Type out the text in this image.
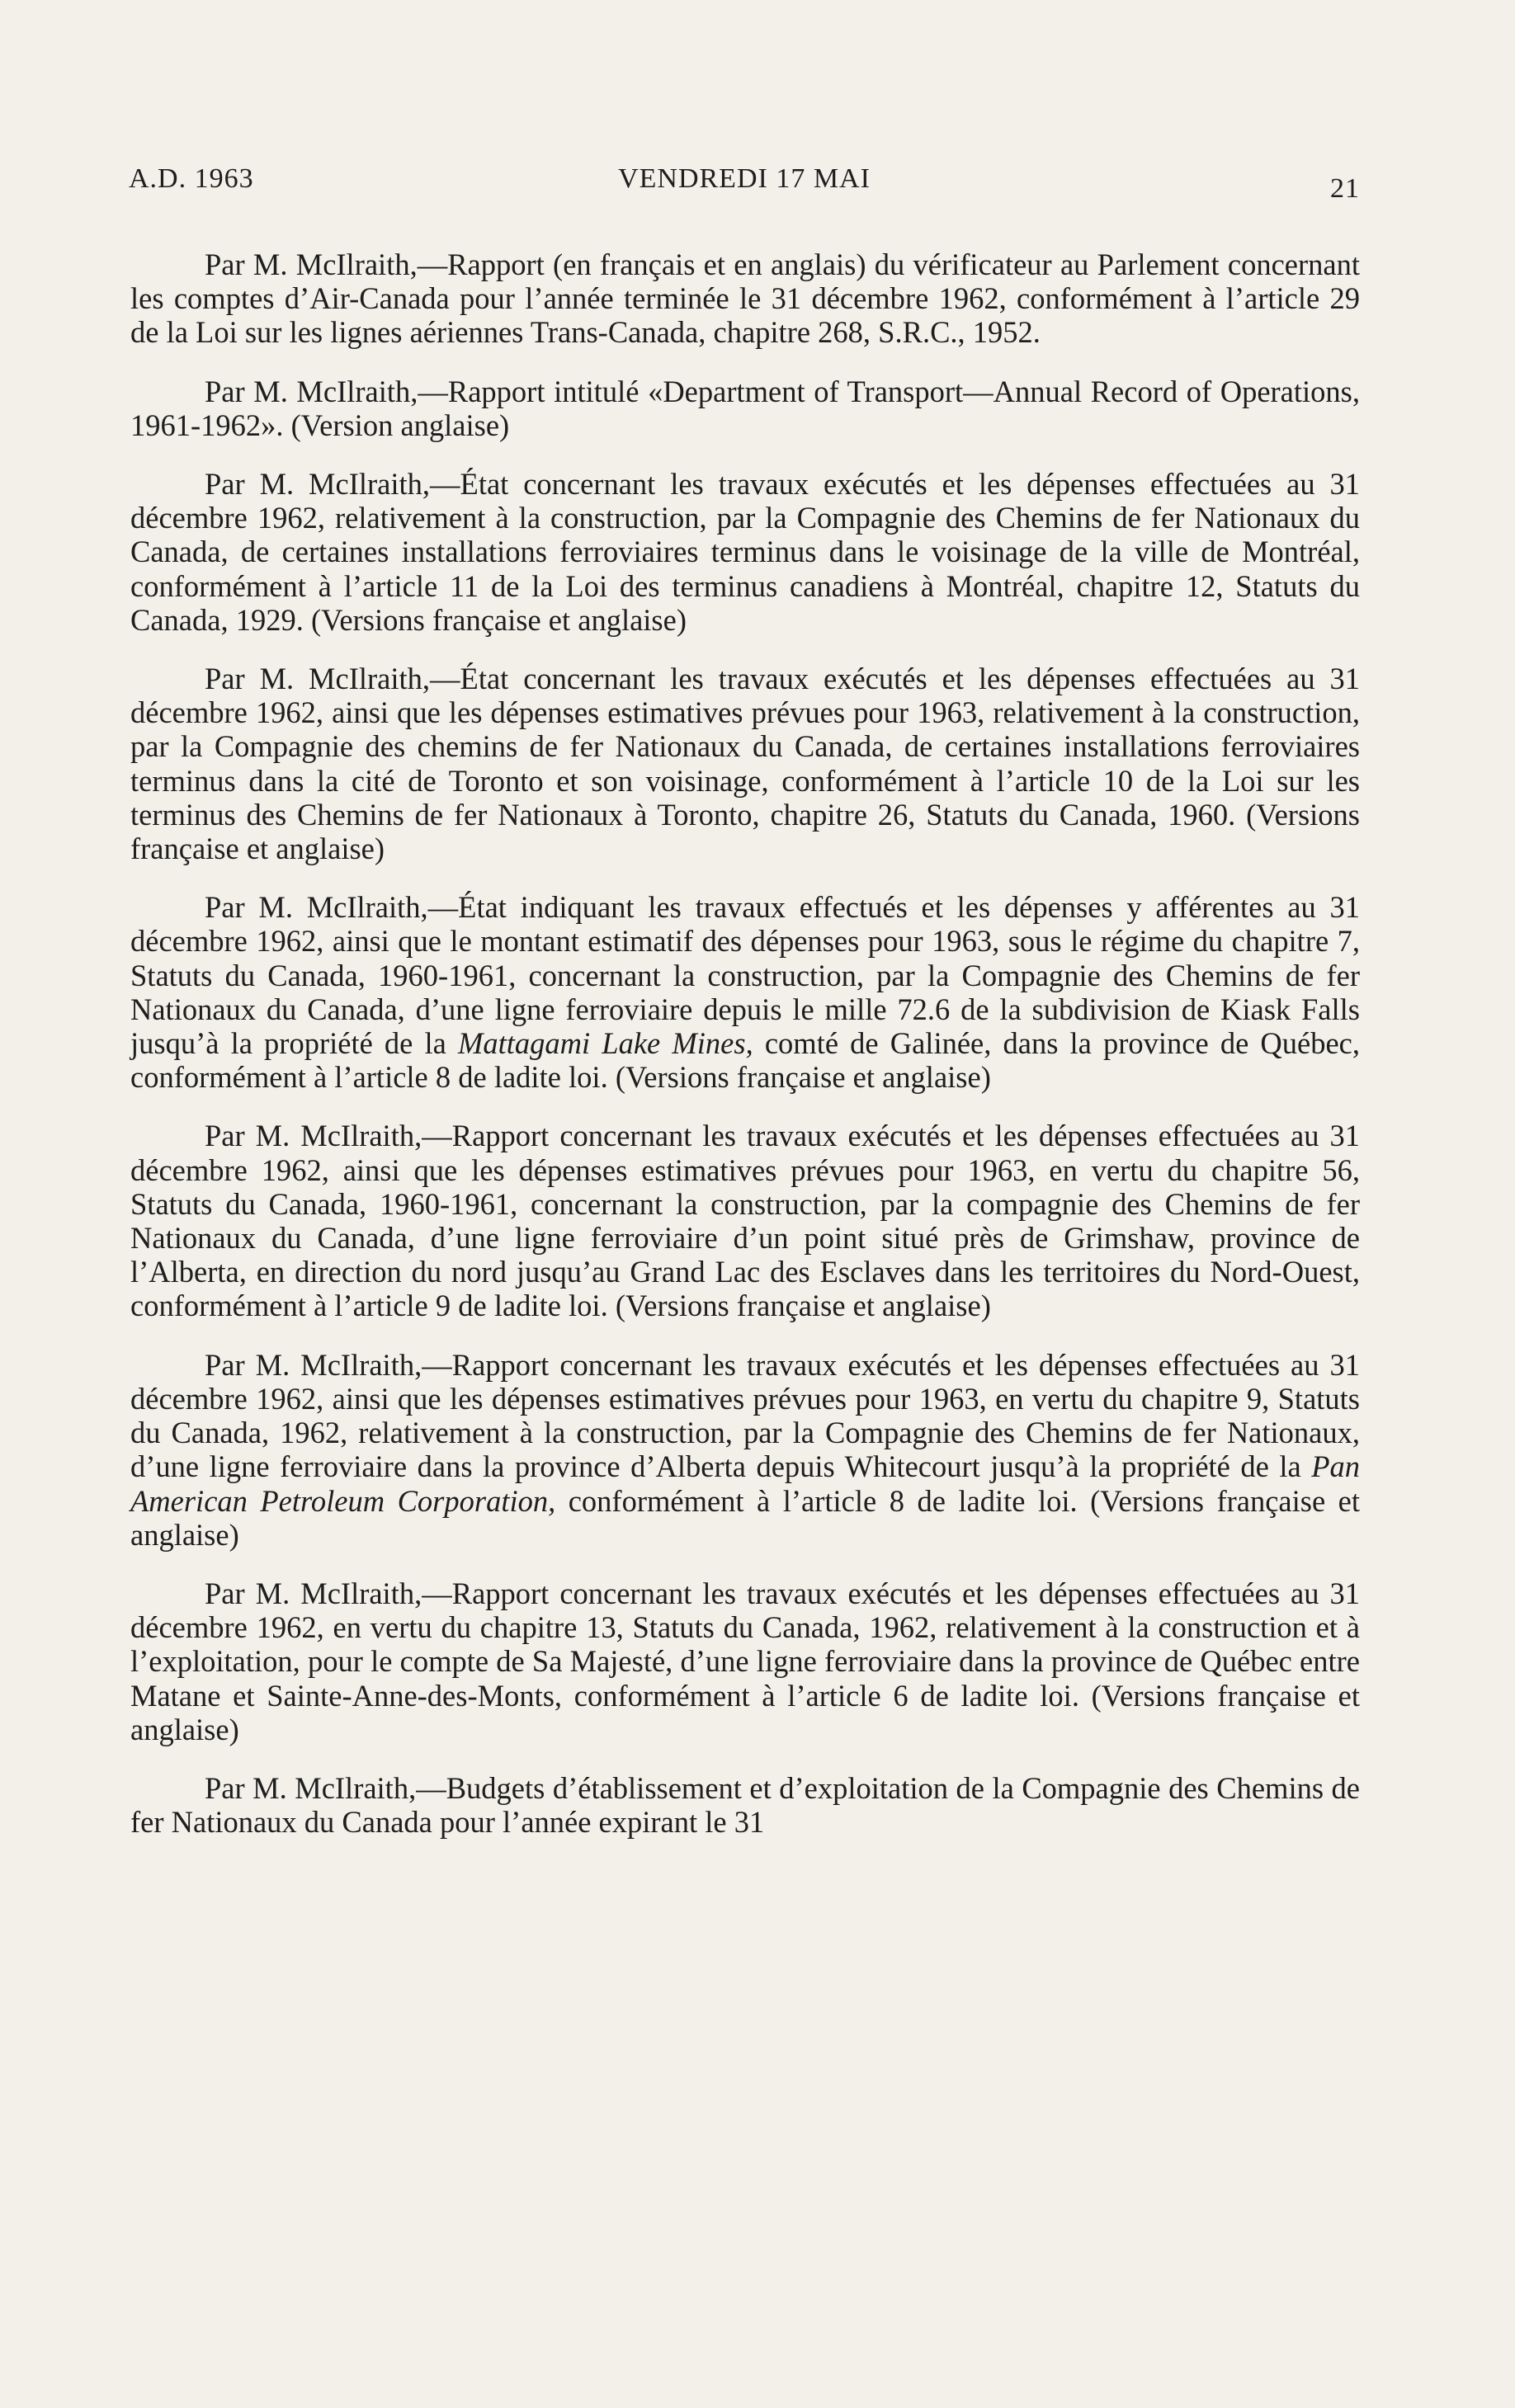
A.D. 1963	VENDREDI 17 MAI	21

Par M. McIlraith,—Rapport (en français et en anglais) du vérificateur au Parlement concernant les comptes d’Air-Canada pour l’année terminée le 31 décembre 1962, conformément à l’article 29 de la Loi sur les lignes aériennes Trans-Canada, chapitre 268, S.R.C., 1952.

Par M. McIlraith,—Rapport intitulé «Department of Transport—Annual Record of Operations, 1961-1962». (Version anglaise)

Par M. McIlraith,—État concernant les travaux exécutés et les dépenses effectuées au 31 décembre 1962, relativement à la construction, par la Compagnie des Chemins de fer Nationaux du Canada, de certaines installations ferroviaires terminus dans le voisinage de la ville de Montréal, conformément à l’article 11 de la Loi des terminus canadiens à Montréal, chapitre 12, Statuts du Canada, 1929. (Versions française et anglaise)

Par M. McIlraith,—État concernant les travaux exécutés et les dépenses effectuées au 31 décembre 1962, ainsi que les dépenses estimatives prévues pour 1963, relativement à la construction, par la Compagnie des chemins de fer Nationaux du Canada, de certaines installations ferroviaires terminus dans la cité de Toronto et son voisinage, conformément à l’article 10 de la Loi sur les terminus des Chemins de fer Nationaux à Toronto, chapitre 26, Statuts du Canada, 1960. (Versions française et anglaise)

Par M. McIlraith,—État indiquant les travaux effectués et les dépenses y afférentes au 31 décembre 1962, ainsi que le montant estimatif des dépenses pour 1963, sous le régime du chapitre 7, Statuts du Canada, 1960-1961, concernant la construction, par la Compagnie des Chemins de fer Nationaux du Canada, d’une ligne ferroviaire depuis le mille 72.6 de la subdivision de Kiask Falls jusqu’à la propriété de la Mattagami Lake Mines, comté de Galinée, dans la province de Québec, conformément à l’article 8 de ladite loi. (Versions française et anglaise)

Par M. McIlraith,—Rapport concernant les travaux exécutés et les dépenses effectuées au 31 décembre 1962, ainsi que les dépenses estimatives prévues pour 1963, en vertu du chapitre 56, Statuts du Canada, 1960-1961, concernant la construction, par la compagnie des Chemins de fer Nationaux du Canada, d’une ligne ferroviaire d’un point situé près de Grimshaw, province de l’Alberta, en direction du nord jusqu’au Grand Lac des Esclaves dans les territoires du Nord-Ouest, conformément à l’article 9 de ladite loi. (Versions française et anglaise)

Par M. McIlraith,—Rapport concernant les travaux exécutés et les dépenses effectuées au 31 décembre 1962, ainsi que les dépenses estimatives prévues pour 1963, en vertu du chapitre 9, Statuts du Canada, 1962, relativement à la construction, par la Compagnie des Chemins de fer Nationaux, d’une ligne ferroviaire dans la province d’Alberta depuis Whitecourt jusqu’à la propriété de la Pan American Petroleum Corporation, conformément à l’article 8 de ladite loi. (Versions française et anglaise)

Par M. McIlraith,—Rapport concernant les travaux exécutés et les dépenses effectuées au 31 décembre 1962, en vertu du chapitre 13, Statuts du Canada, 1962, relativement à la construction et à l’exploitation, pour le compte de Sa Majesté, d’une ligne ferroviaire dans la province de Québec entre Matane et Sainte-Anne-des-Monts, conformément à l’article 6 de ladite loi. (Versions française et anglaise)

Par M. McIlraith,—Budgets d’établissement et d’exploitation de la Compagnie des Chemins de fer Nationaux du Canada pour l’année expirant le 31
